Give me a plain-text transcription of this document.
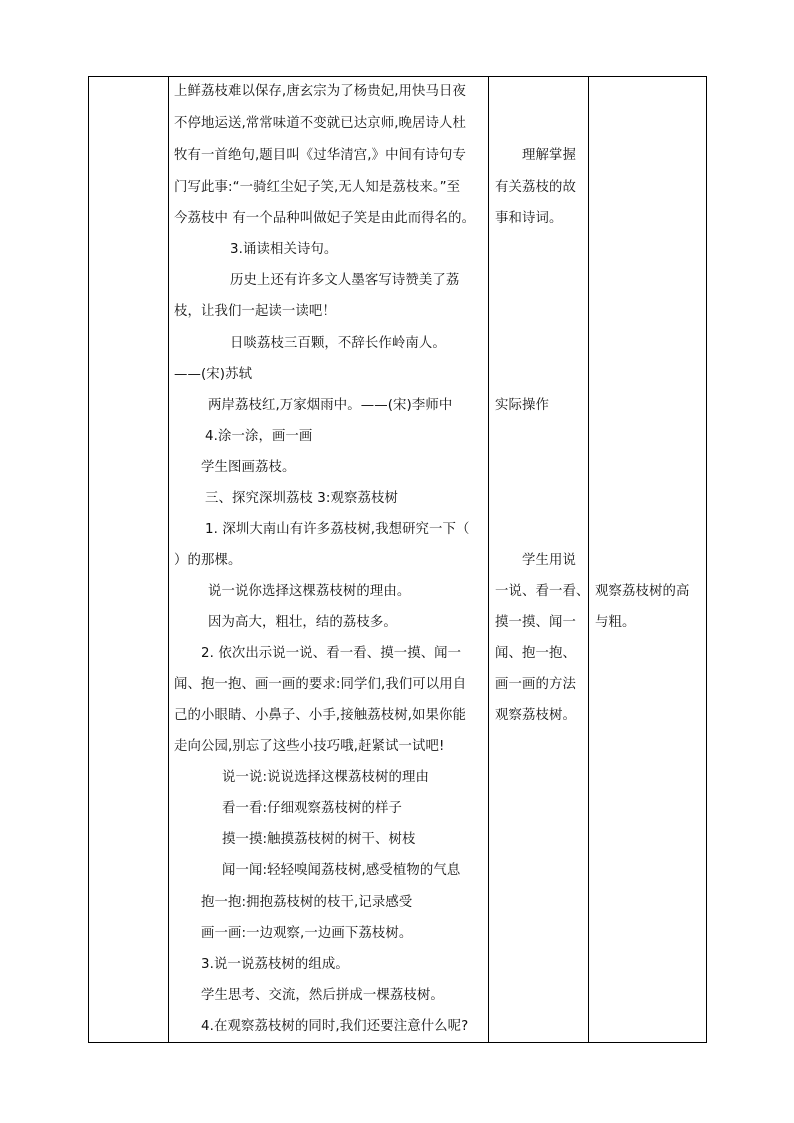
上鲜荔枝难以保存,唐玄宗为了杨贵妃,用快马日夜
不停地运送,常常味道不变就已达京师,晚居诗人杜
牧有一首绝句,题目叫《过华清宫,》中间有诗句专
门写此事:“一骑红尘妃子笑,无人知是荔枝来。”至
今荔枝中 有一个品种叫做妃子笑是由此而得名的。
3.诵读相关诗句。
历史上还有许多文人墨客写诗赞美了荔
枝，让我们一起读一读吧！
日啖荔枝三百颗，不辞长作岭南人。
——(宋)苏轼
两岸荔枝红,万家烟雨中。——(宋)李师中
4.涂一涂，画一画
学生图画荔枝。
三、探究深圳荔枝 3:观察荔枝树
1. 深圳大南山有许多荔枝树,我想研究一下（
）的那棵。
说一说你选择这棵荔枝树的理由。
因为高大，粗壮，结的荔枝多。
2. 依次出示说一说、看一看、摸一摸、闻一
闻、抱一抱、画一画的要求:同学们,我们可以用自
己的小眼睛、小鼻子、小手,接触荔枝树,如果你能
走向公园,别忘了这些小技巧哦,赶紧试一试吧!
说一说:说说选择这棵荔枝树的理由
看一看:仔细观察荔枝树的样子
摸一摸:触摸荔枝树的树干、树枝
闻一闻:轻轻嗅闻荔枝树,感受植物的气息
抱一抱:拥抱荔枝树的枝干,记录感受
画一画:一边观察,一边画下荔枝树。
3.说一说荔枝树的组成。
学生思考、交流，然后拼成一棵荔枝树。
4.在观察荔枝树的同时,我们还要注意什么呢?
理解掌握
有关荔枝的故
事和诗词。
实际操作
学生用说
一说、看一看、
摸一摸、闻一
闻、抱一抱、
画一画的方法
观察荔枝树。
观察荔枝树的高
与粗。
